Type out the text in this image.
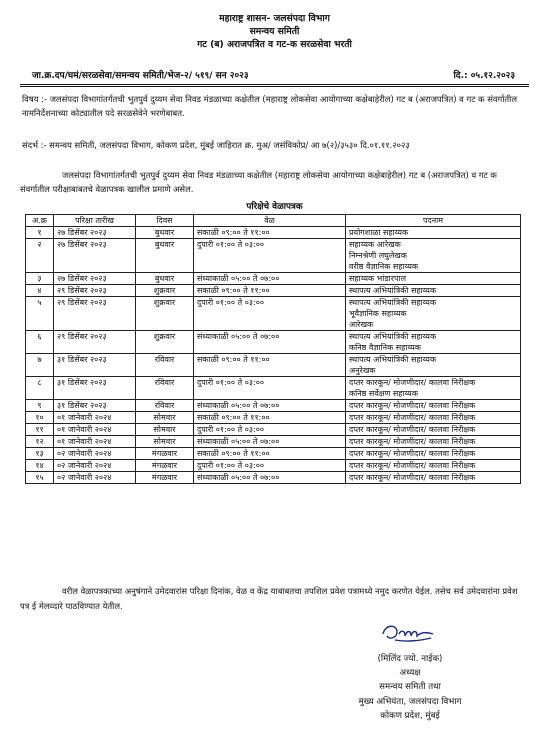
महाराष्ट्र शासन- जलसंपदा विभाग
समन्वय समिती
गट (ब) अराजपत्रित व गट-क सरळसेवा भरती
जा.क्र.दप/घमं/सरळसेवा/समन्वय समिती/भेज-२/ ५१९/ सन २०२३	दि.: ०५.१२.२०२३
विषय :- जलसंपदा विभागांतर्गतची भुतपुर्व दुय्यम सेवा निवड मंडळाच्या कक्षेतील (महाराष्ट्र लोकसेवा आयोगाच्या कक्षेबाहेरील) गट ब (अराजपत्रित) व गट क संवर्गातील नामनिर्देशनाच्या कोट्यातील पदे सरळसेवेने भरणेबाबत.
संदर्भ :- समन्वय समिती, जलसंपदा विभाग, कोकण प्रदेश, मुंबई जाहिरात क्र. मुअ/ जसंविकोप्र/ आ ७(२)/३५३० दि.०१.११.२०२३
जलसंपदा विभागांतर्गतची भुतपुर्व दुय्यम सेवा निवड मंडळाच्या कक्षेतील (महाराष्ट्र लोकसेवा आयोगाच्या कक्षेबाहेरील) गट ब (अराजपत्रित) व गट क संवर्गातील परीक्षाबाबतचे वेळापत्रक खालील प्रमाणे असेल.
परिक्षेचे वेळापत्रक
अ.क्र	परिक्षा तारीख	दिवस	वेळ	पदनाम
१	२७ डिसेंबर २०२३	बुधवार	सकाळी ०९:०० ते ११:००	प्रयोगशाळा सहाय्यक

२	२७ डिसेंबर २०२३	बुधवार	दुपारी ०१:०० ते ०३:००	सहाय्यक आरेखक
निम्नश्रेणी लघुलेखक
वरीष्ठ वैज्ञानिक सहाय्यक

३	२७ डिसेंबर २०२३	बुधवार	संध्याकाळी ०५:०० ते ०७:००	सहाय्यक भांडारपाल

४	२९ डिसेंबर २०२३	शुक्रवार	सकाळी ०९:०० ते ११:००	स्थापत्य अभियांत्रिकी सहाय्यक

५	२९ डिसेंबर २०२३	शुक्रवार	दुपारी ०१:०० ते ०३:००	स्थापत्य अभियांत्रिकी सहाय्यक
भूवैज्ञानिक सहाय्यक
आरेखक

६	२९ डिसेंबर २०२३	शुक्रवार	संध्याकाळी ०५:०० ते ०७:००	स्थापत्य अभियांत्रिकी सहाय्यक
कनिष्ठ वैज्ञानिक सहाय्यक

७	३१ डिसेंबर २०२३	रविवार	सकाळी ०९:०० ते ११:००	स्थापत्य अभियांत्रिकी सहाय्यक
अनुरेखक

८	३१ डिसेंबर २०२३	रविवार	दुपारी ०१:०० ते ०३:००	दप्तर कारकून/ मोजणीदार/ कालवा निरीक्षक
कनिष्ठ सर्वेक्षण सहाय्यक

९	३१ डिसेंबर २०२३	रविवार	संध्याकाळी ०५:०० ते ०७:००	दप्तर कारकून/ मोजणीदार/ कालवा निरीक्षक

१०	०१ जानेवारी २०२४	सोमवार	सकाळी ०९:०० ते ११:००	दप्तर कारकून/ मोजणीदार/ कालवा निरीक्षक

११	०१ जानेवारी २०२४	सोमवार	दुपारी ०१:०० ते ०३:००	दप्तर कारकून/ मोजणीदार/ कालवा निरीक्षक

१२	०१ जानेवारी २०२४	सोमवार	संध्याकाळी ०५:०० ते ०७:००	दप्तर कारकून/ मोजणीदार/ कालवा निरीक्षक

१३	०२ जानेवारी २०२४	मंगळवार	सकाळी ०९:०० ते ११:००	दप्तर कारकून/ मोजणीदार/ कालवा निरीक्षक

१४	०२ जानेवारी २०२४	मंगळवार	दुपारी ०१:०० ते ०३:००	दप्तर कारकून/ मोजणीदार/ कालवा निरीक्षक

१५	०२ जानेवारी २०२४	मंगळवार	संध्याकाळी ०५:०० ते ०७:००	दप्तर कारकून/ मोजणीदार/ कालवा निरीक्षक
वरील वेळापत्रकाच्या अनुषंगाने उमेदवारांस परिक्षा दिनांक, वेळ व केंद्र याबाबतचा तपशिल प्रवेश पत्रामध्ये नमुद करणेत येईल. तसेच सर्व उमेदवारांना प्रवेश पत्र ई मेलव्दारे पाठविण्यात येतील.
(मिलिंद ज्यो. नाईक)
अध्यक्ष
समन्वय समिती तथा
मुख्य अभियंता, जलसंपदा विभाग
कोकण प्रदेश, मुंबई
